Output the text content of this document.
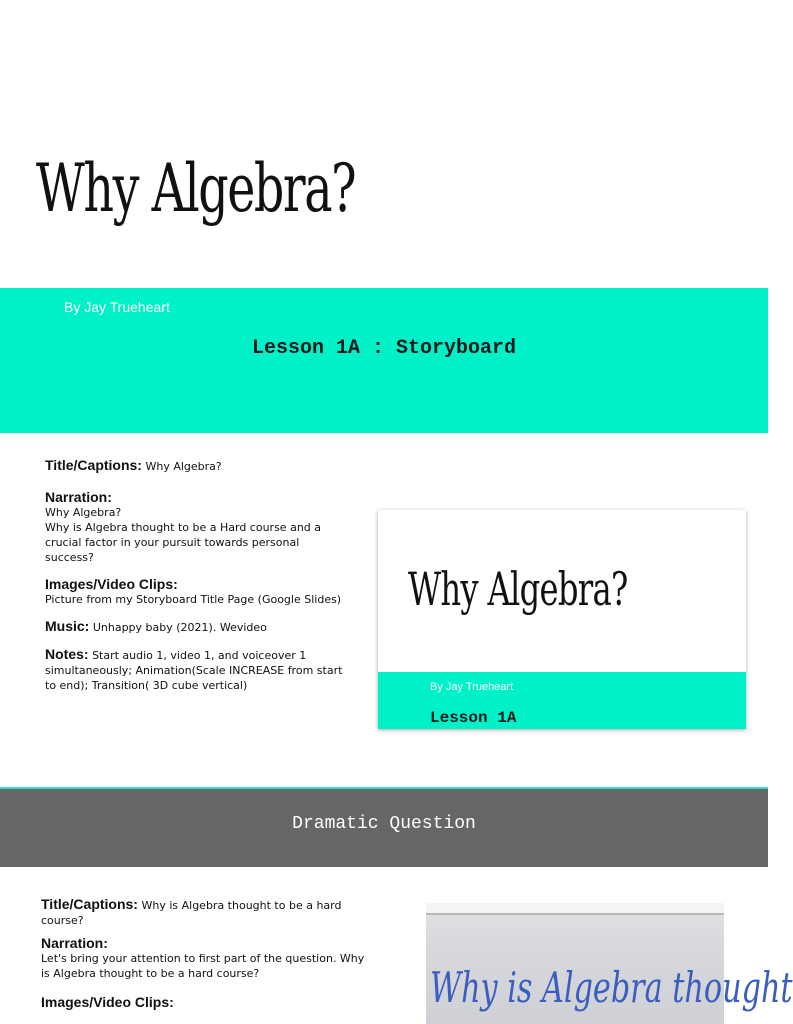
Why Algebra?
By Jay Trueheart
Lesson 1A : Storyboard
Title/Captions: Why Algebra?
Narration:
Why Algebra?
Why is Algebra thought to be a Hard course and a crucial factor in your pursuit towards personal success?
Images/Video Clips:
Picture from my Storyboard Title Page (Google Slides)
Music: Unhappy baby (2021). Wevideo
Notes: Start audio 1, video 1, and voiceover 1 simultaneously; Animation(Scale INCREASE from start to end); Transition( 3D cube vertical)
Why Algebra?
By Jay Trueheart
Lesson 1A
Dramatic Question
Title/Captions: Why is Algebra thought to be a hard course?
Narration:
Let's bring your attention to first part of the question. Why is Algebra thought to be a hard course?
Images/Video Clips:	Why is Algebra thought
